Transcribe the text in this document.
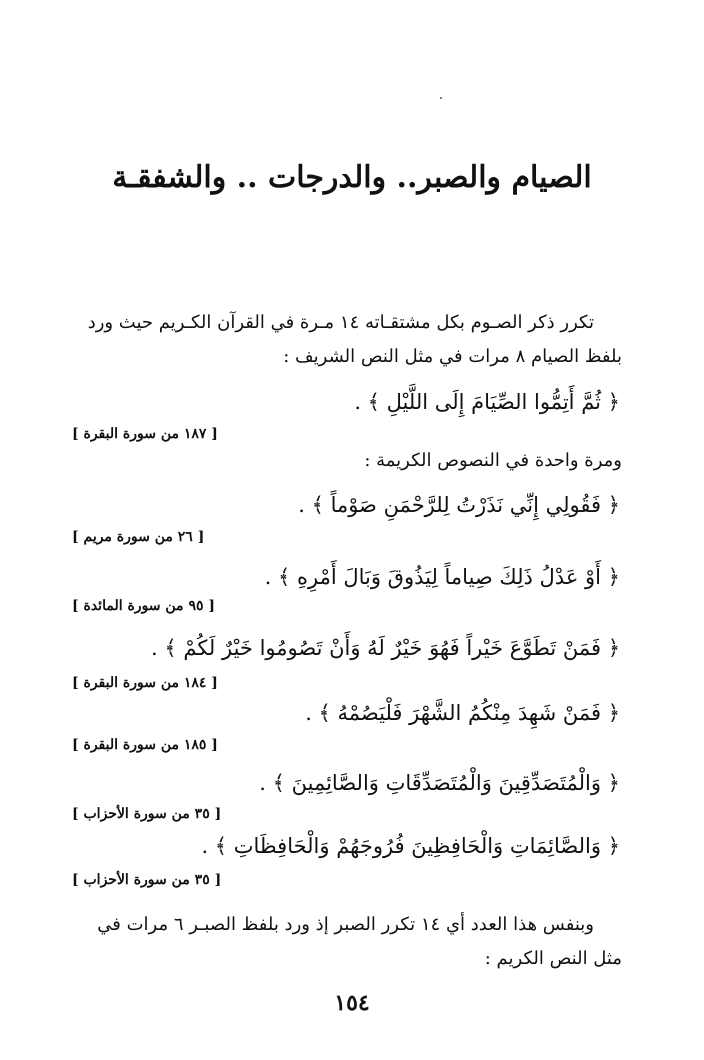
الصيام والصبر.. والدرجات .. والشفقـة
تكرر ذكر الصـوم بكل مشتقـاته ١٤ مـرة في القرآن الكـريم حيث ورد
بلفظ الصيام ٨ مرات في مثل النص الشريف :
﴿ ثُمَّ أَتِمُّوا الصِّيَامَ إِلَى اللَّيْلِ ﴾ .
[ ١٨٧ من سورة البقرة ]
ومرة واحدة في النصوص الكريمة :
﴿ فَقُولِي إِنِّي نَذَرْتُ لِلرَّحْمَنِ صَوْماً ﴾ .
[ ٢٦ من سورة مريم ]
﴿ أَوْ عَدْلُ ذَلِكَ صِياماً لِيَذُوقَ وَبَالَ أَمْرِهِ ﴾ .
[ ٩٥ من سورة المائدة ]
﴿ فَمَنْ تَطَوَّعَ خَيْراً فَهُوَ خَيْرٌ لَهُ وَأَنْ تَصُومُوا خَيْرٌ لَكُمْ ﴾ .
[ ١٨٤ من سورة البقرة ]
﴿ فَمَنْ شَهِدَ مِنْكُمُ الشَّهْرَ فَلْيَصُمْهُ ﴾ .
[ ١٨٥ من سورة البقرة ]
﴿ وَالْمُتَصَدِّقِينَ وَالْمُتَصَدِّقَاتِ وَالصَّائِمِينَ ﴾ .
[ ٣٥ من سورة الأحزاب ]
﴿ وَالصَّائِمَاتِ وَالْحَافِظِينَ فُرُوجَهُمْ وَالْحَافِظَاتِ ﴾ .
[ ٣٥ من سورة الأحزاب ]
وبنفس هذا العدد أي ١٤ تكرر الصبر إذ ورد بلفظ الصبـر ٦ مرات في
مثل النص الكريم :
١٥٤
